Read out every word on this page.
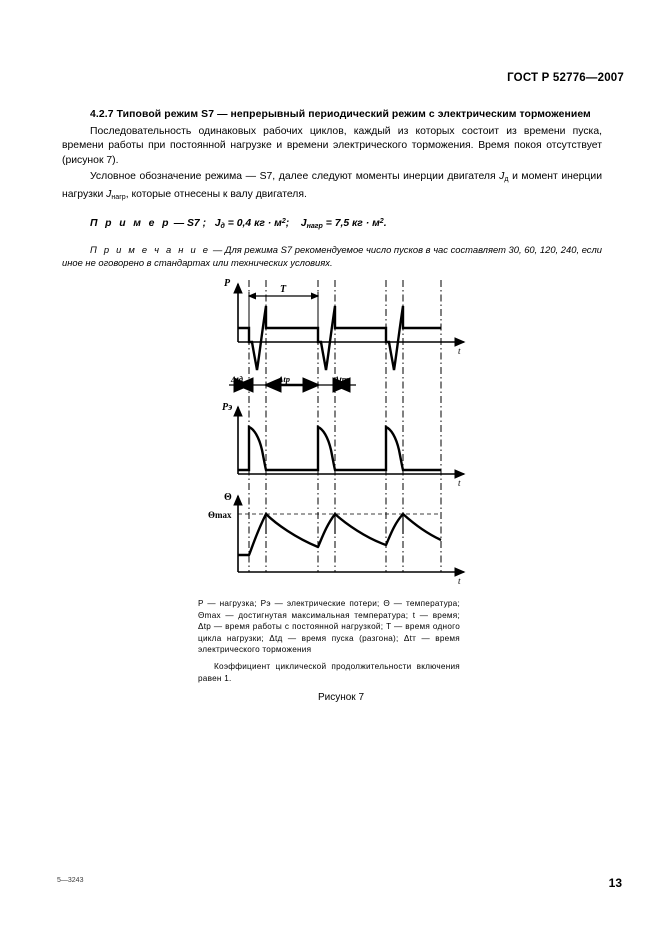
ГОСТ Р 52776—2007

4.2.7 Типовой режим S7 — непрерывный периодический режим с электрическим торможением

Последовательность одинаковых рабочих циклов, каждый из которых состоит из времени пуска, времени работы при постоянной нагрузке и времени электрического торможения. Время покоя отсутствует (рисунок 7).

Условное обозначение режима — S7, далее следуют моменты инерции двигателя $J_д$ и момент инерции нагрузки $J_{нагр}$, которые отнесены к валу двигателя.

П р и м е р — S7 ; $J_д = 0,4$ кг · $м^2$; $J_{нагр} = 7,5$ кг · $м^2$.

П р и м е ч а н и е — Для режима S7 рекомендуемое число пусков в час составляет 30, 60, 120, 240, если иное не оговорено в стандартах или технических условиях.

P
t
T
Δtд	Δtр	Δtт
Pэ
t
Θ
t
Θmax

P — нагрузка; Pэ — электрические потери; Θ — температура; Θmax — достигнутая максимальная температура; t — время; Δtр — время работы с постоянной нагрузкой; T — время одного цикла нагрузки; Δtд — время пуска (разгона); Δtт — время электрического торможения

Коэффициент циклической продолжительности включения равен 1.

Рисунок 7
5—3243	13
